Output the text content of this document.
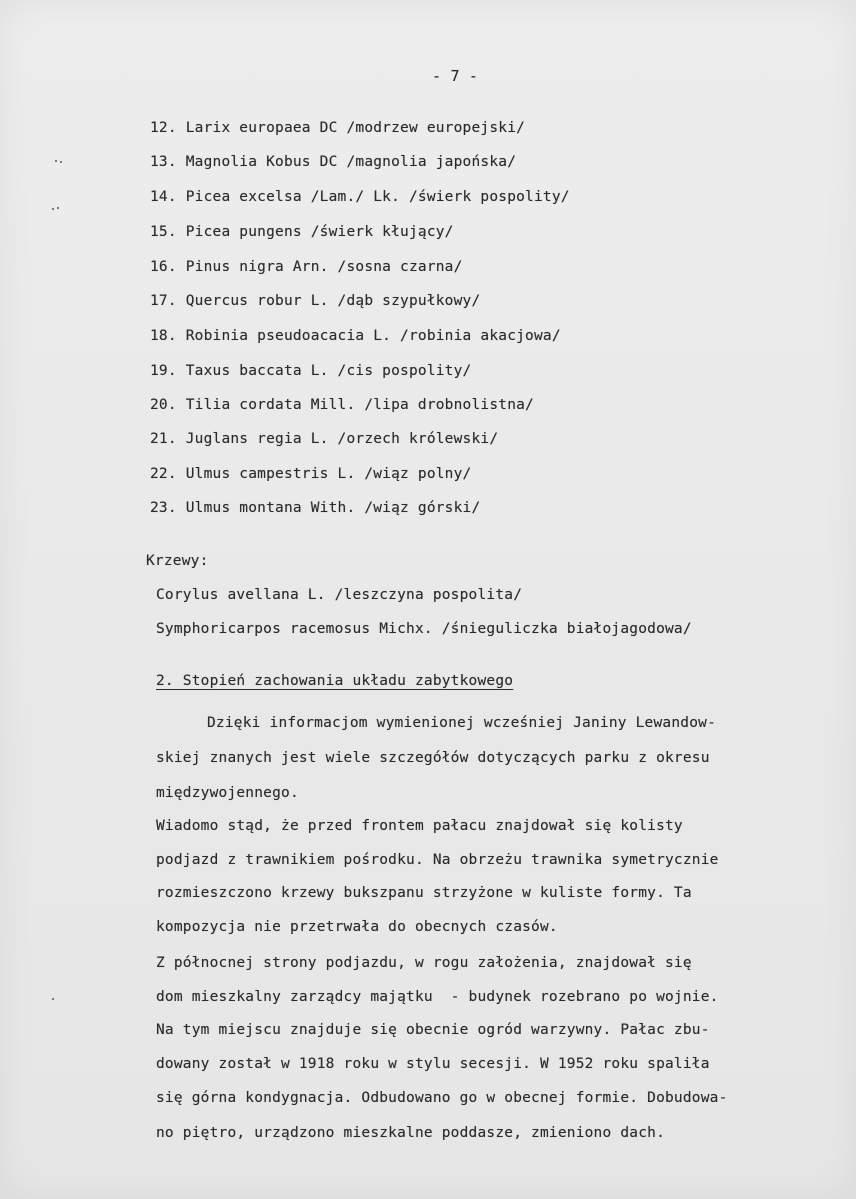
- 7 -
12. Larix europaea DC /modrzew europejski/
13. Magnolia Kobus DC /magnolia japońska/
14. Picea excelsa /Lam./ Lk. /świerk pospolity/
15. Picea pungens /świerk kłujący/
16. Pinus nigra Arn. /sosna czarna/
17. Quercus robur L. /dąb szypułkowy/
18. Robinia pseudoacacia L. /robinia akacjowa/
19. Taxus baccata L. /cis pospolity/
20. Tilia cordata Mill. /lipa drobnolistna/
21. Juglans regia L. /orzech królewski/
22. Ulmus campestris L. /wiąz polny/
23. Ulmus montana With. /wiąz górski/
Krzewy:
Corylus avellana L. /leszczyna pospolita/
Symphoricarpos racemosus Michx. /śnieguliczka białojagodowa/
2. Stopień zachowania układu zabytkowego
Dzięki informacjom wymienionej wcześniej Janiny Lewandow-
skiej znanych jest wiele szczegółów dotyczących parku z okresu
międzywojennego.
Wiadomo stąd, że przed frontem pałacu znajdował się kolisty
podjazd z trawnikiem pośrodku. Na obrzeżu trawnika symetrycznie
rozmieszczono krzewy bukszpanu strzyżone w kuliste formy. Ta
kompozycja nie przetrwała do obecnych czasów.
Z północnej strony podjazdu, w rogu założenia, znajdował się
dom mieszkalny zarządcy majątku  - budynek rozebrano po wojnie.
Na tym miejscu znajduje się obecnie ogród warzywny. Pałac zbu-
dowany został w 1918 roku w stylu secesji. W 1952 roku spaliła
się górna kondygnacja. Odbudowano go w obecnej formie. Dobudowa-
no piętro, urządzono mieszkalne poddasze, zmieniono dach.
